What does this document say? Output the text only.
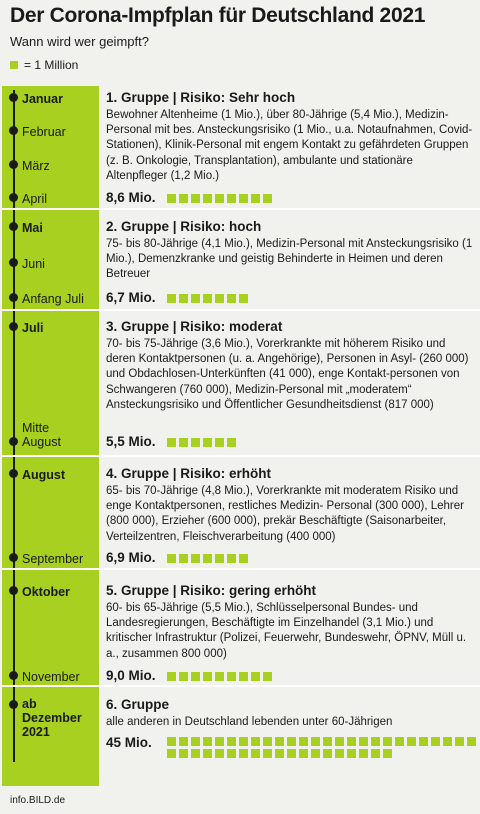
Der Corona-Impfplan für Deutschland 2021
Wann wird wer geimpft?
= 1 Million
Januar
Februar
März
April
1. Gruppe | Risiko: Sehr hoch
Bewohner Altenheime (1 Mio.), über 80-Jährige (5,4 Mio.), Medizin-Personal mit bes. Ansteckungsrisiko (1 Mio., u.a. Notaufnahmen, Covid-Stationen), Klinik-Personal mit engem Kontakt zu gefährdeten Gruppen (z. B. Onkologie, Transplantation), ambulante und stationäre Altenpfleger (1,2 Mio.)
8,6 Mio.
Mai
Juni
Anfang Juli
2. Gruppe | Risiko: hoch
75- bis 80-Jährige (4,1 Mio.), Medizin-Personal mit Ansteckungsrisiko (1 Mio.), Demenzkranke und geistig Behinderte in Heimen und deren Betreuer
6,7 Mio.
Juli
Mitte August
3. Gruppe | Risiko: moderat
70- bis 75-Jährige (3,6 Mio.), Vorerkrankte mit höherem Risiko und deren Kontaktpersonen (u. a. Angehörige), Personen in Asyl- (260 000) und Obdachlosen-Unterkünften (41 000), enge Kontakt-personen von Schwangeren (760 000), Medizin-Personal mit „moderatem“ Ansteckungsrisiko und Öffentlicher Gesundheitsdienst (817 000)
5,5 Mio.
August
September
4. Gruppe | Risiko: erhöht
65- bis 70-Jährige (4,8 Mio.), Vorerkrankte mit moderatem Risiko und enge Kontaktpersonen, restliches Medizin- Personal (300 000), Lehrer (800 000), Erzieher (600 000), prekär Beschäftigte (Saisonarbeiter, Verteilzentren, Fleischverarbeitung (400 000)
6,9 Mio.
Oktober
November
5. Gruppe | Risiko: gering erhöht
60- bis 65-Jährige (5,5 Mio.), Schlüsselpersonal Bundes- und Landesregierungen, Beschäftigte im Einzelhandel (3,1 Mio.) und kritischer Infrastruktur (Polizei, Feuerwehr, Bundeswehr, ÖPNV, Müll u. a., zusammen 800 000)
9,0 Mio.
ab Dezember 2021
6. Gruppe
alle anderen in Deutschland lebenden unter 60-Jährigen
45 Mio.
info.BILD.de
